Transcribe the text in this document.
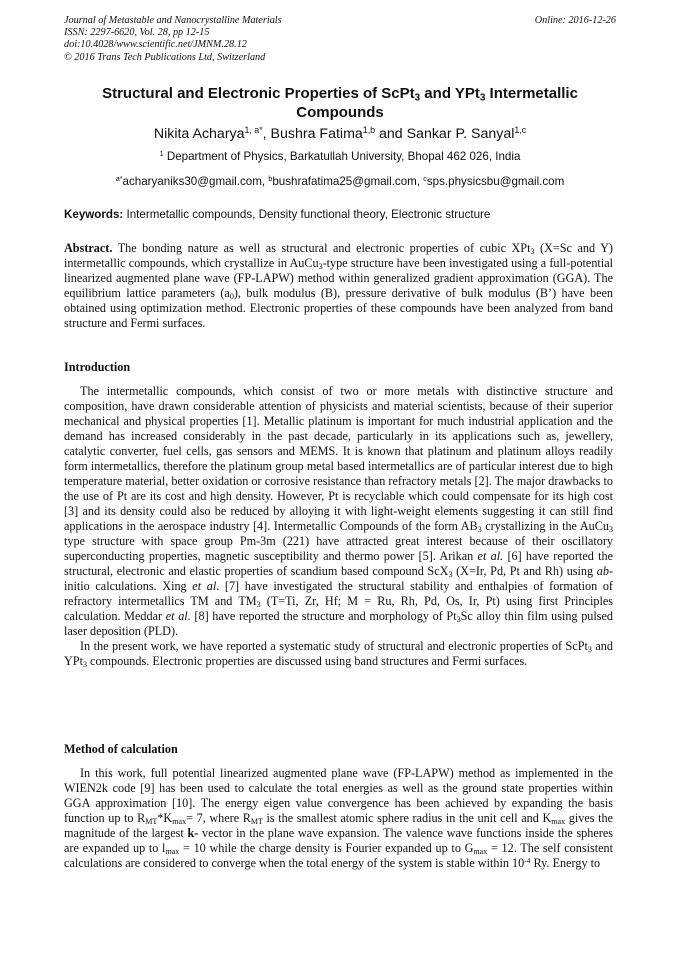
Journal of Metastable and Nanocrystalline Materials
ISSN: 2297-6620, Vol. 28, pp 12-15
doi:10.4028/www.scientific.net/JMNM.28.12
© 2016 Trans Tech Publications Ltd, Switzerland
Online: 2016-12-26
Structural and Electronic Properties of ScPt$_3$ and YPt$_3$ Intermetallic
Compounds
Nikita Acharya$^{1, a*}$, Bushra Fatima$^{1,b}$ and Sankar P. Sanyal$^{1,c}$
$^1$ Department of Physics, Barkatullah University, Bhopal 462 026, India
$^{a*}$acharyaniks30@gmail.com, $^b$bushrafatima25@gmail.com, $^c$sps.physicsbu@gmail.com
Keywords: Intermetallic compounds, Density functional theory, Electronic structure

Abstract. The bonding nature as well as structural and electronic properties of cubic XPt$_3$ (X=Sc and Y) intermetallic compounds, which crystallize in AuCu$_3$-type structure have been investigated using a full-potential linearized augmented plane wave (FP-LAPW) method within generalized gradient approximation (GGA). The equilibrium lattice parameters $(a_0)$, bulk modulus (B), pressure derivative of bulk modulus (B’) have been obtained using optimization method. Electronic properties of these compounds have been analyzed from band structure and Fermi surfaces.

Introduction

The intermetallic compounds, which consist of two or more metals with distinctive structure and composition, have drawn considerable attention of physicists and material scientists, because of their superior mechanical and physical properties [1]. Metallic platinum is important for much industrial application and the demand has increased considerably in the past decade, particularly in its applications such as, jewellery, catalytic converter, fuel cells, gas sensors and MEMS. It is known that platinum and platinum alloys readily form intermetallics, therefore the platinum group metal based intermetallics are of particular interest due to high temperature material, better oxidation or corrosive resistance than refractory metals [2]. The major drawbacks to the use of Pt are its cost and high density. However, Pt is recyclable which could compensate for its high cost [3] and its density could also be reduced by alloying it with light-weight elements suggesting it can still find applications in the aerospace industry [4]. Intermetallic Compounds of the form $AB_3$ crystallizing in the AuCu$_3$ type structure with space group Pm-3m (221) have attracted great interest because of their oscillatory superconducting properties, magnetic susceptibility and thermo power [5]. Arikan et al. [6] have reported the structural, electronic and elastic properties of scandium based compound ScX$_3$ (X=Ir, Pd, Pt and Rh) using ab-initio calculations. Xing et al. [7] have investigated the structural stability and enthalpies of formation of refractory intermetallics TM and $TM_3$ (T=Ti, Zr, Hf; M = Ru, Rh, Pd, Os, Ir, Pt) using first Principles calculation. Meddar et al. [8] have reported the structure and morphology of $Pt_3Sc$ alloy thin film using pulsed laser deposition (PLD).

In the present work, we have reported a systematic study of structural and electronic properties of ScPt$_3$ and YPt$_3$ compounds. Electronic properties are discussed using band structures and Fermi surfaces.

Method of calculation

In this work, full potential linearized augmented plane wave (FP-LAPW) method as implemented in the WIEN2k code [9] has been used to calculate the total energies as well as the ground state properties within GGA approximation [10]. The energy eigen value convergence has been achieved by expanding the basis function up to $R_{MT}*K_{max}= 7$, where $R_{MT}$ is the smallest atomic sphere radius in the unit cell and $K_{max}$ gives the magnitude of the largest k- vector in the plane wave expansion. The valence wave functions inside the spheres are expanded up to $l_{max} = 10$ while the charge density is Fourier expanded up to $G_{max} = 12$. The self consistent calculations are considered to converge when the total energy of the system is stable within $10^{-4}$ Ry. Energy to
